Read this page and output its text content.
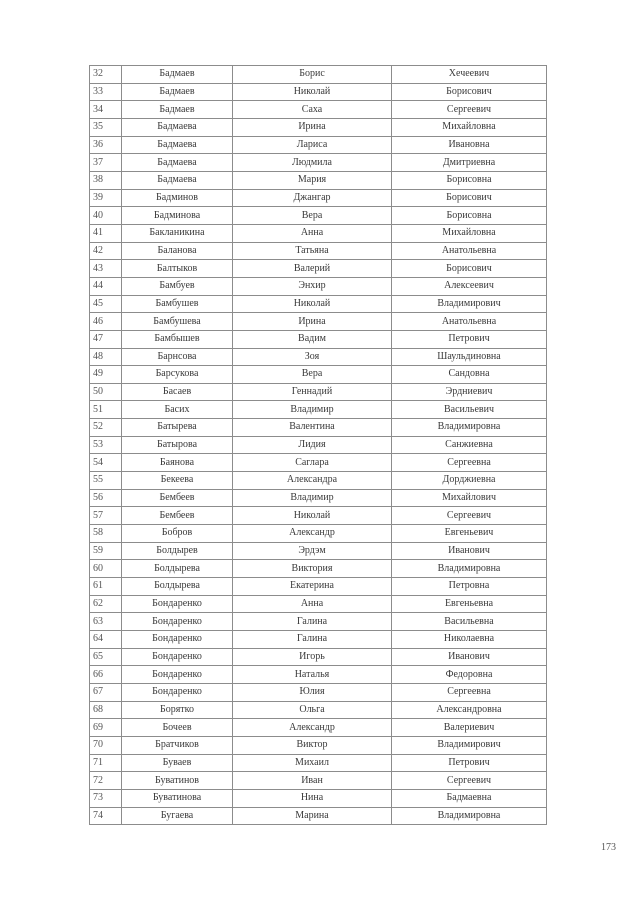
32	Бадмаев	Борис	Хечеевич
33	Бадмаев	Николай	Борисович
34	Бадмаев	Саха	Сергеевич
35	Бадмаева	Ирина	Михайловна
36	Бадмаева	Лариса	Ивановна
37	Бадмаева	Людмила	Дмитриевна
38	Бадмаева	Мария	Борисовна
39	Бадминов	Джангар	Борисович
40	Бадминова	Вера	Борисовна
41	Бакланикина	Анна	Михайловна
42	Баланова	Татьяна	Анатольевна
43	Балтыков	Валерий	Борисович
44	Бамбуев	Энхир	Алексеевич
45	Бамбушев	Николай	Владимирович
46	Бамбушева	Ирина	Анатольевна
47	Бамбышев	Вадим	Петрович
48	Барнсова	Зоя	Шаульдиновна
49	Барсукова	Вера	Сандовна
50	Басаев	Геннадий	Эрдниевич
51	Басих	Владимир	Васильевич
52	Батырева	Валентина	Владимировна
53	Батырова	Лидия	Санжиевна
54	Баянова	Саглара	Сергеевна
55	Бекеева	Александра	Дорджиевна
56	Бембеев	Владимир	Михайлович
57	Бембеев	Николай	Сергеевич
58	Бобров	Александр	Евгеньевич
59	Болдырев	Эрдэм	Иванович
60	Болдырева	Виктория	Владимировна
61	Болдырева	Екатерина	Петровна
62	Бондаренко	Анна	Евгеньевна
63	Бондаренко	Галина	Васильевна
64	Бондаренко	Галина	Николаевна
65	Бондаренко	Игорь	Иванович
66	Бондаренко	Наталья	Федоровна
67	Бондаренко	Юлия	Сергеевна
68	Борятко	Ольга	Александровна
69	Бочеев	Александр	Валериевич
70	Братчиков	Виктор	Владимирович
71	Буваев	Михаил	Петрович
72	Буватинов	Иван	Сергеевич
73	Буватинова	Нина	Бадмаевна
74	Бугаева	Марина	Владимировна
173
